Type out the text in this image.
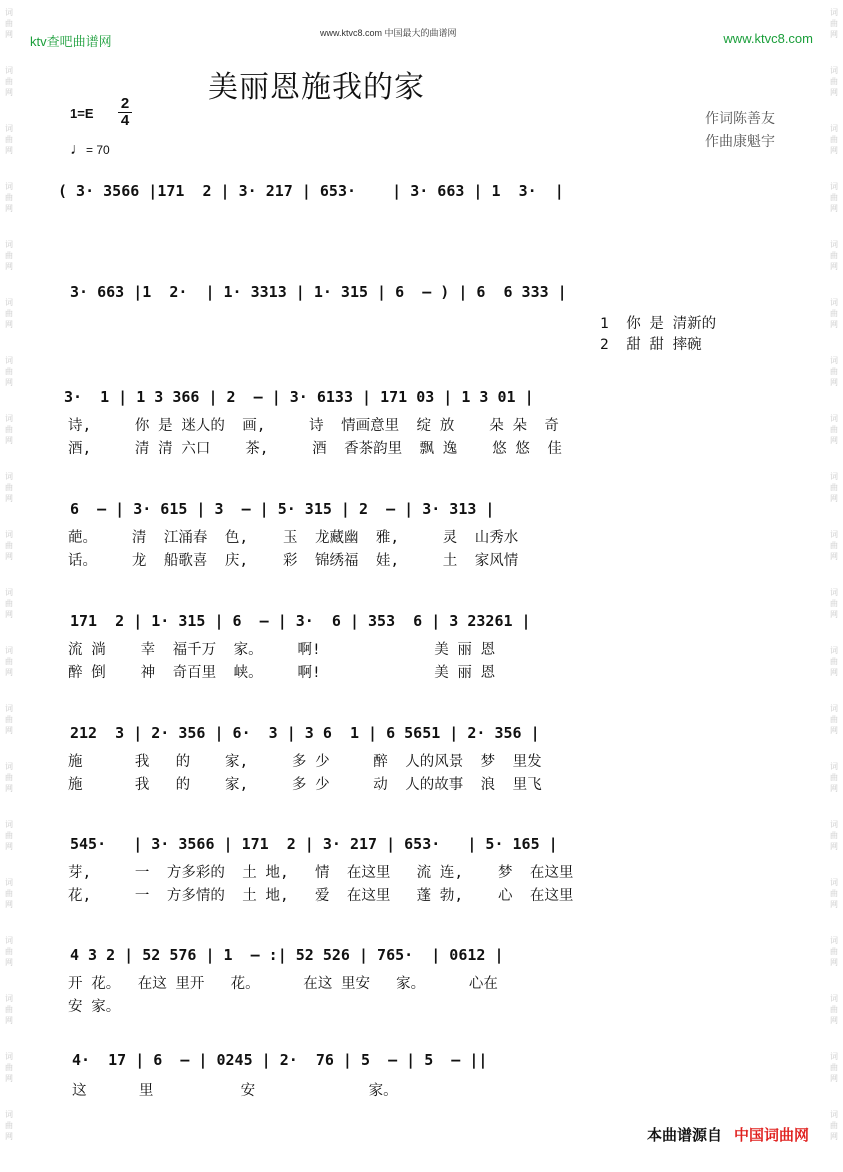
词
曲
网
词
曲
网
词
曲
网
词
曲
网
词
曲
网
词
曲
网
词
曲
网
词
曲
网
词
曲
网
词
曲
网
词
曲
网
词
曲
网
词
曲
网
词
曲
网
词
曲
网
词
曲
网
词
曲
网
词
曲
网
词
曲
网
词
曲
网
词
曲
网
词
曲
网
词
曲
网
词
曲
网
词
曲
网
词
曲
网
词
曲
网
词
曲
网
词
曲
网
词
曲
网
词
曲
网
词
曲
网
词
曲
网
词
曲
网
词
曲
网
词
曲
网
词
曲
网
词
曲
网
词
曲
网
词
曲
网
ktv查吧曲谱网
www.ktvc8.com 中国最大的曲谱网	www.ktvc8.com
美丽恩施我的家
1=E
2
4
♩= 70
作词陈善友
作曲康魁宇
( 3· 3566 |171  2 | 3· 217 | 653·    | 3· 663 | 1  3·  |
3· 663 |1  2·  | 1· 3313 | 1· 315 | 6  — ) | 6  6 333 |
1  你 是 清新的
2  甜 甜 摔碗
3·  1 | 1 3 366 | 2  — | 3· 6133 | 171 03 | 1 3 01 |
诗,     你 是 迷人的  画,     诗  情画意里  绽 放    朵 朵  奇
酒,     清 清 六口    茶,     酒  香茶韵里  飘 逸    悠 悠  佳
6  — | 3· 615 | 3  — | 5· 315 | 2  — | 3· 313 |
葩。    清  江涌春  色,    玉  龙藏幽  雅,     灵  山秀水
话。    龙  船歌喜  庆,    彩  锦绣福  娃,     土  家风情
171  2 | 1· 315 | 6  — | 3·  6 | 353  6 | 3 23261 |
流 淌    幸  福千万  家。    啊!             美 丽 恩
醉 倒    神  奇百里  峡。    啊!             美 丽 恩
212  3 | 2· 356 | 6·  3 | 3 6  1 | 6 5651 | 2· 356 |
施      我   的    家,     多 少     醉  人的风景  梦  里发
施      我   的    家,     多 少     动  人的故事  浪  里飞
545·   | 3· 3566 | 171  2 | 3· 217 | 653·   | 5· 165 |
芽,     一  方多彩的  土 地,   情  在这里   流 连,    梦  在这里
花,     一  方多情的  土 地,   爱  在这里   蓬 勃,    心  在这里
4 3 2 | 52 576 | 1  — :| 52 526 | 765·  | 0612 |
开 花。  在这 里开   花。     在这 里安   家。     心在
安 家。
4·  17 | 6  — | 0245 | 2·  76 | 5  — | 5  — ||
这      里          安             家。
本曲谱源自 中国词曲网
